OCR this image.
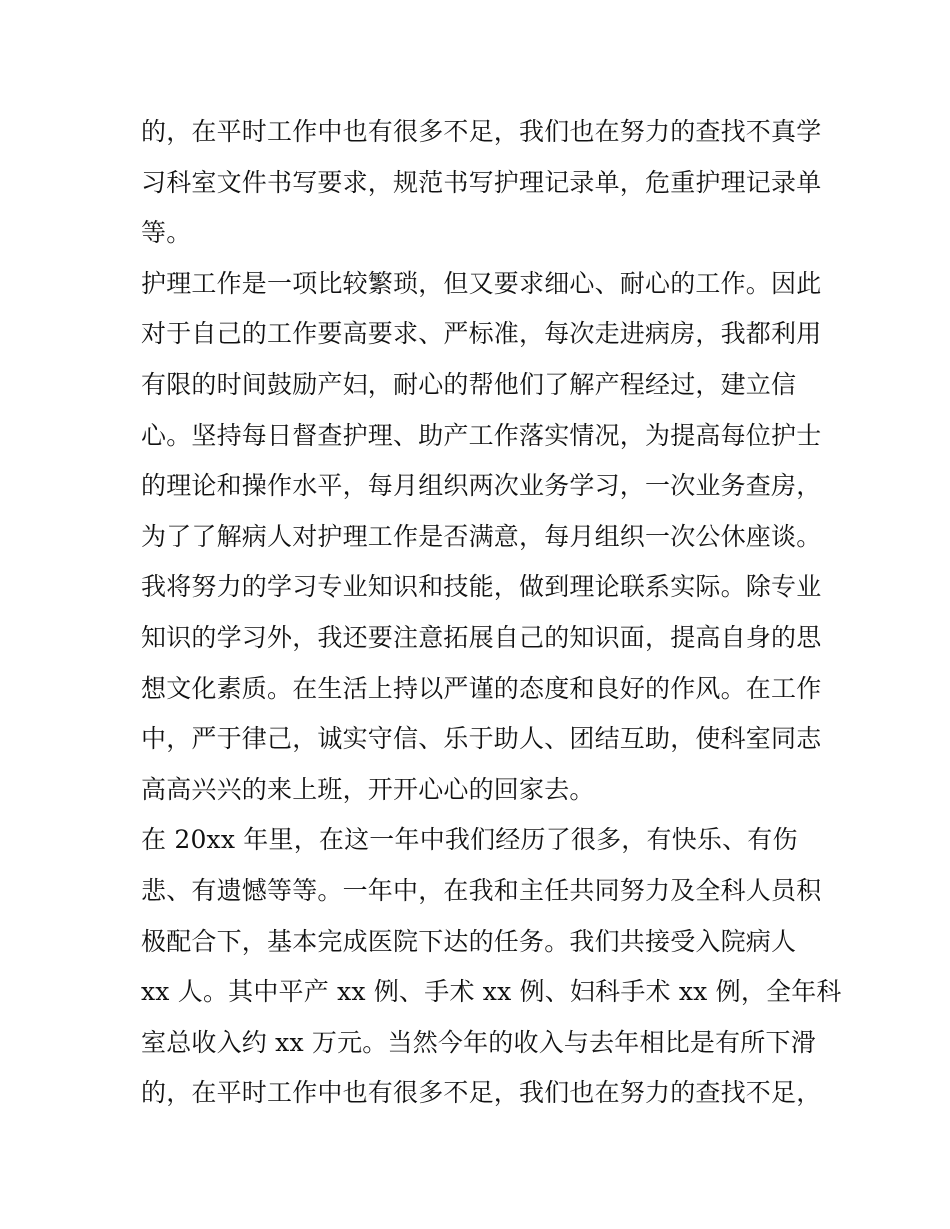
的，在平时工作中也有很多不足，我们也在努力的查找不真学
习科室文件书写要求，规范书写护理记录单，危重护理记录单
等。
护理工作是一项比较繁琐，但又要求细心、耐心的工作。因此
对于自己的工作要高要求、严标准，每次走进病房，我都利用
有限的时间鼓励产妇，耐心的帮他们了解产程经过，建立信
心。坚持每日督查护理、助产工作落实情况，为提高每位护士
的理论和操作水平，每月组织两次业务学习，一次业务查房，
为了了解病人对护理工作是否满意，每月组织一次公休座谈。
我将努力的学习专业知识和技能，做到理论联系实际。除专业
知识的学习外，我还要注意拓展自己的知识面，提高自身的思
想文化素质。在生活上持以严谨的态度和良好的作风。在工作
中，严于律己，诚实守信、乐于助人、团结互助，使科室同志
高高兴兴的来上班，开开心心的回家去。
在 20xx 年里，在这一年中我们经历了很多，有快乐、有伤
悲、有遗憾等等。一年中，在我和主任共同努力及全科人员积
极配合下，基本完成医院下达的任务。我们共接受入院病人
xx 人。其中平产 xx 例、手术 xx 例、妇科手术 xx 例，全年科
室总收入约 xx 万元。当然今年的收入与去年相比是有所下滑
的，在平时工作中也有很多不足，我们也在努力的查找不足，
